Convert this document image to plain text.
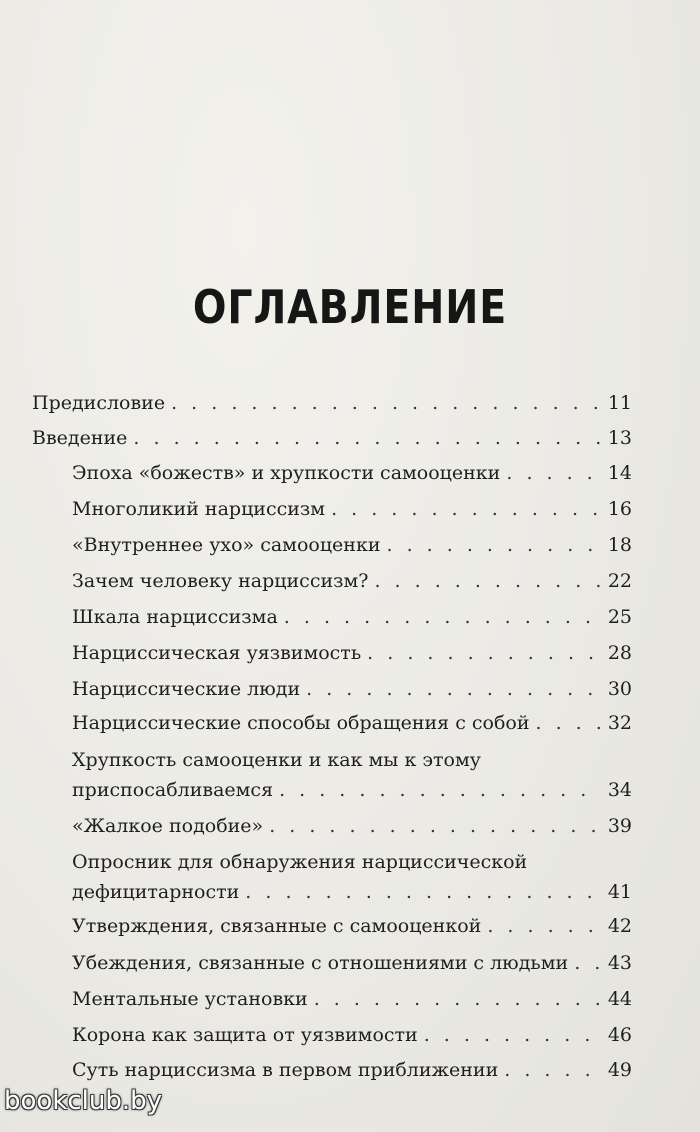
ОГЛАВЛЕНИЕ
Предисловие . . .	11
Введение . . .	13
Эпоха «божеств» и хрупкости самооценки . . .	14
Многоликий нарциссизм . . .	16
«Внутреннее ухо» самооценки . . .	18
Зачем человеку нарциссизм? . . .	22
Шкала нарциссизма . . .	25
Нарциссическая уязвимость . . .	28
Нарциссические люди . . .	30
Нарциссические способы обращения с собой . . .	32
Хрупкость самооценки и как мы к этому
приспосабливаемся . . .	34
«Жалкое подобие» . . .	39
Опросник для обнаружения нарциссической
дефицитарности . . .	41
Утверждения, связанные с самооценкой . . .	42
Убеждения, связанные с отношениями с людьми . . . 43
Ментальные установки . . .	44
Корона как защита от уязвимости . . .	46
Суть нарциссизма в первом приближении . . .	49
bookclub.by
